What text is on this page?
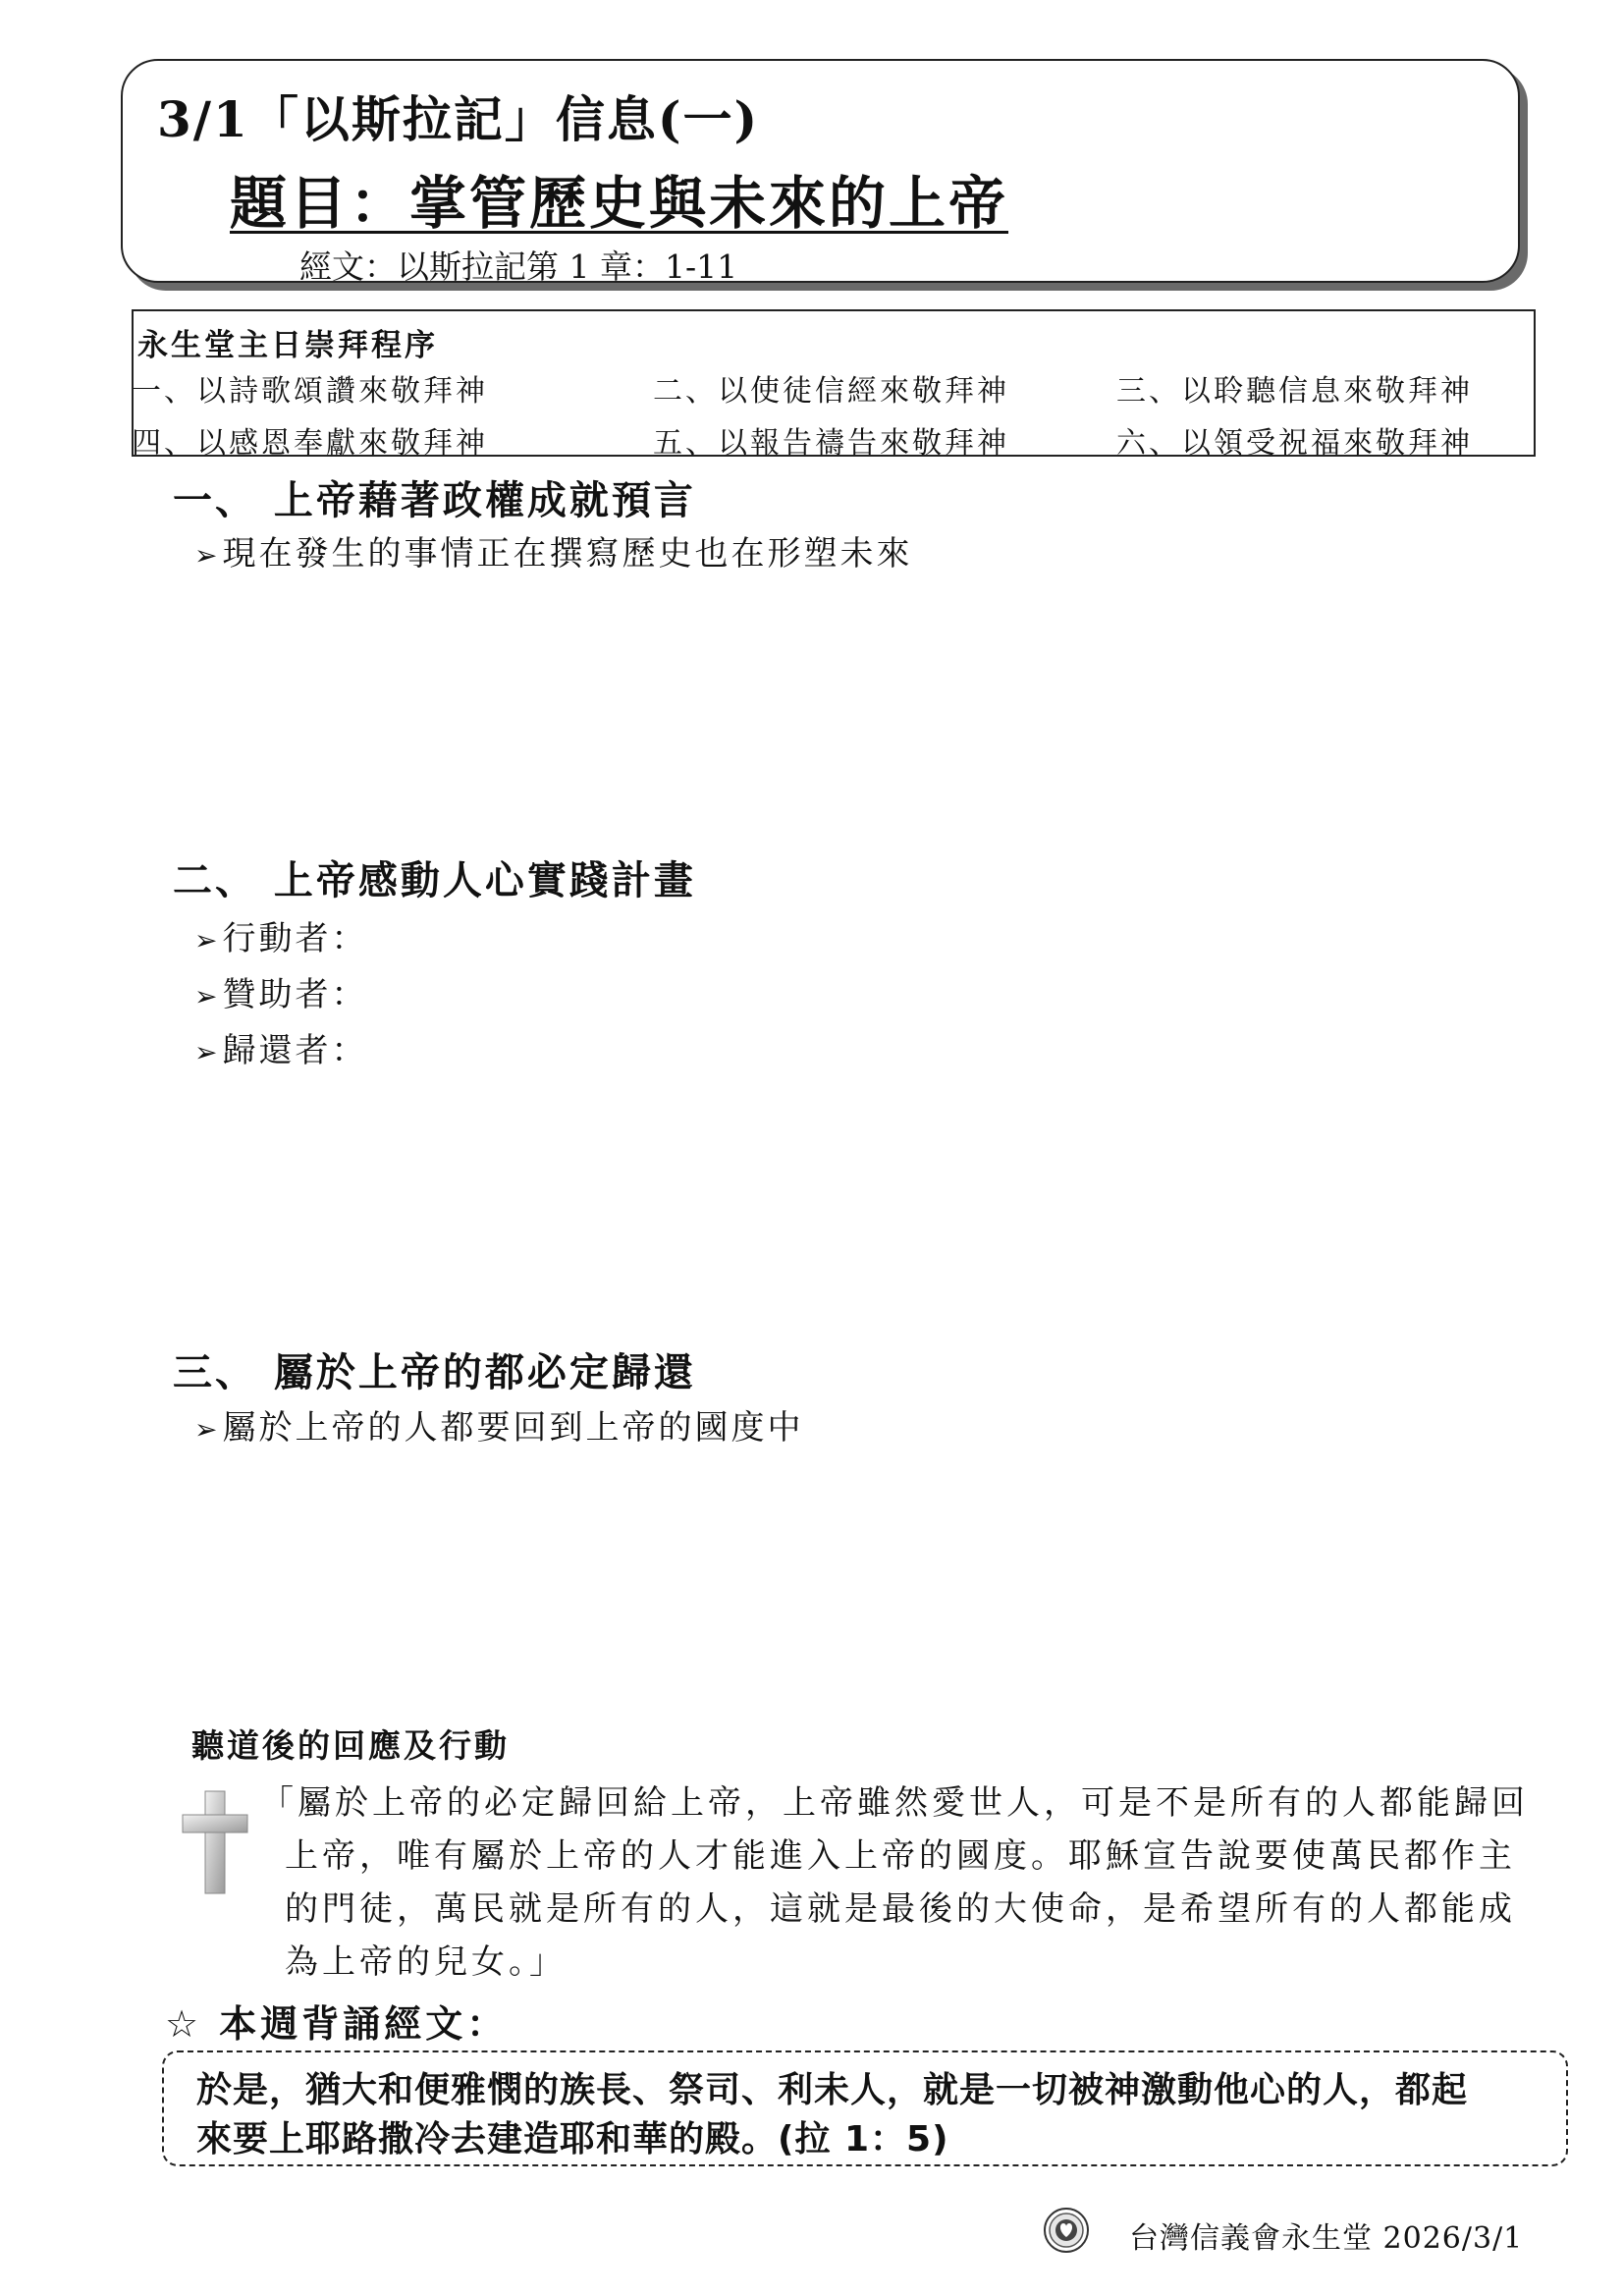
3/1「以斯拉記」信息(一)
題目：掌管歷史與未來的上帝
經文：以斯拉記第 1 章：1-11
永生堂主日崇拜程序
一、以詩歌頌讚來敬拜神	二、以使徒信經來敬拜神	三、以聆聽信息來敬拜神
四、以感恩奉獻來敬拜神	五、以報告禱告來敬拜神	六、以領受祝福來敬拜神
一、 上帝藉著政權成就預言
➢現在發生的事情正在撰寫歷史也在形塑未來
二、 上帝感動人心實踐計畫
➢行動者：
➢贊助者：
➢歸還者：
三、 屬於上帝的都必定歸還
➢屬於上帝的人都要回到上帝的國度中
聽道後的回應及行動
「屬於上帝的必定歸回給上帝，上帝雖然愛世人，可是不是所有的人都能歸回
上帝，唯有屬於上帝的人才能進入上帝的國度。耶穌宣告說要使萬民都作主
的門徒，萬民就是所有的人，這就是最後的大使命，是希望所有的人都能成
為上帝的兒女。」
☆ 本週背誦經文：
於是，猶大和便雅憫的族長、祭司、利未人，就是一切被神激動他心的人，都起
來要上耶路撒冷去建造耶和華的殿。(拉 1：5)
台灣信義會永生堂 2026/3/1
